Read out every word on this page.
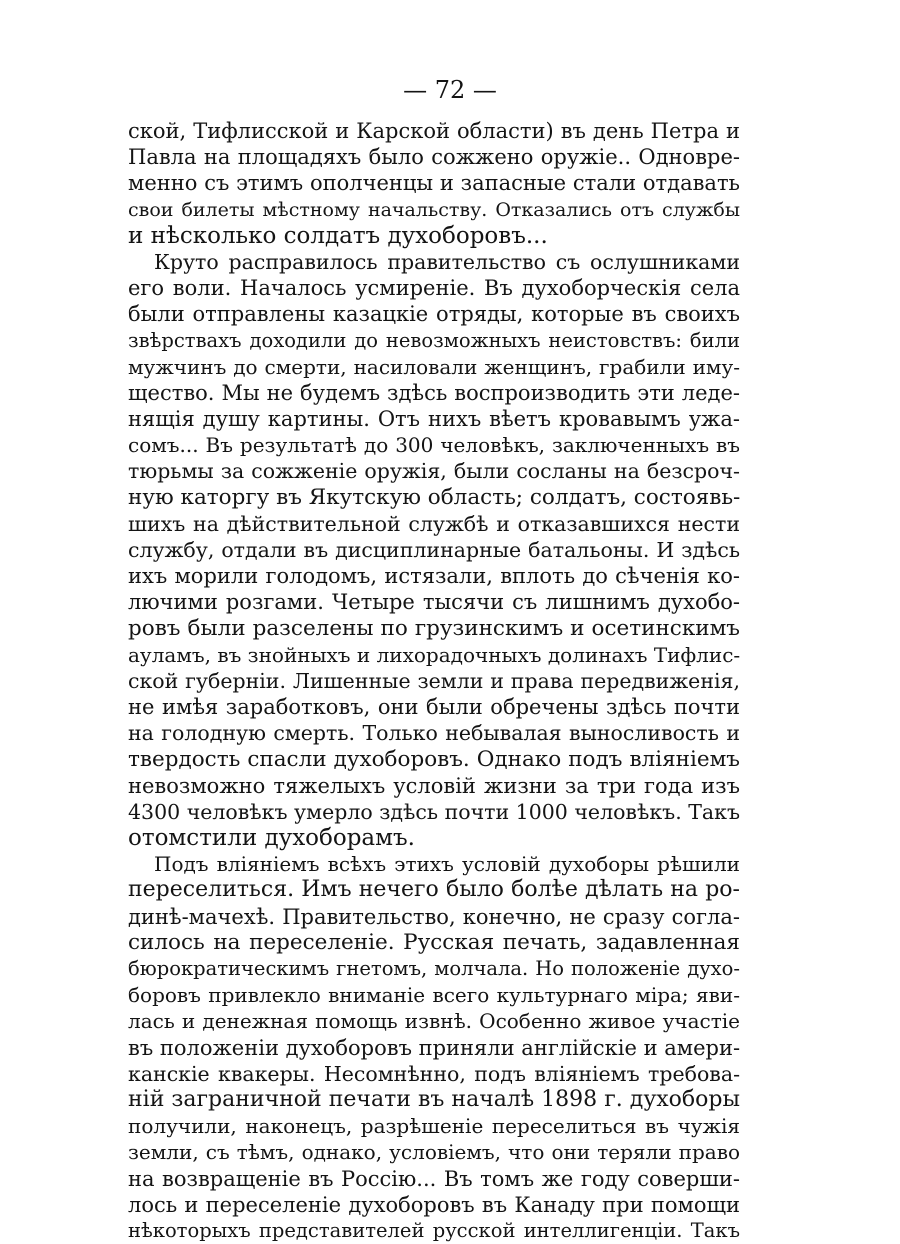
— 72 —
ской, Тифлисской и Карской области) въ день Петра и
Павла на площадяхъ было сожжено оружіе.. Одновре-
менно съ этимъ ополченцы и запасные стали отдавать
свои билеты мѣстному начальству. Отказались отъ службы
и нѣсколько солдатъ духоборовъ...
Круто расправилось правительство съ ослушниками
его воли. Началось усмиреніе. Въ духоборческія села
были отправлены казацкіе отряды, которые въ своихъ
звѣрствахъ доходили до невозможныхъ неистовствъ: били
мужчинъ до смерти, насиловали женщинъ, грабили иму-
щество. Мы не будемъ здѣсь воспроизводить эти леде-
нящія душу картины. Отъ нихъ вѣетъ кровавымъ ужа-
сомъ... Въ результатѣ до 300 человѣкъ, заключенныхъ въ
тюрьмы за сожженіе оружія, были сосланы на безсроч-
ную каторгу въ Якутскую область; солдатъ, состоявь-
шихъ на дѣйствительной службѣ и отказавшихся нести
службу, отдали въ дисциплинарные батальоны. И здѣсь
ихъ морили голодомъ, истязали, вплоть до сѣченія ко-
лючими розгами. Четыре тысячи съ лишнимъ духобо-
ровъ были разселены по грузинскимъ и осетинскимъ
ауламъ, въ знойныхъ и лихорадочныхъ долинахъ Тифлис-
ской губерніи. Лишенные земли и права передвиженія,
не имѣя заработковъ, они были обречены здѣсь почти
на голодную смерть. Только небывалая выносливость и
твердость спасли духоборовъ. Однако подъ вліяніемъ
невозможно тяжелыхъ условій жизни за три года изъ
4300 человѣкъ умерло здѣсь почти 1000 человѣкъ. Такъ
отомстили духоборамъ.
Подъ вліяніемъ всѣхъ этихъ условій духоборы рѣшили
переселиться. Имъ нечего было болѣе дѣлать на ро-
динѣ-мачехѣ. Правительство, конечно, не сразу согла-
силось на переселеніе. Русская печать, задавленная
бюрократическимъ гнетомъ, молчала. Но положеніе духо-
боровъ привлекло вниманіе всего культурнаго міра; яви-
лась и денежная помощь извнѣ. Особенно живое участіе
въ положеніи духоборовъ приняли англійскіе и амери-
канскіе квакеры. Несомнѣнно, подъ вліяніемъ требова-
ній заграничной печати въ началѣ 1898 г. духоборы
получили, наконецъ, разрѣшеніе переселиться въ чужія
земли, съ тѣмъ, однако, условіемъ, что они теряли право
на возвращеніе въ Россію... Въ томъ же году соверши-
лось и переселеніе духоборовъ въ Канаду при помощи
нѣкоторыхъ представителей русской интеллигенціи. Такъ
